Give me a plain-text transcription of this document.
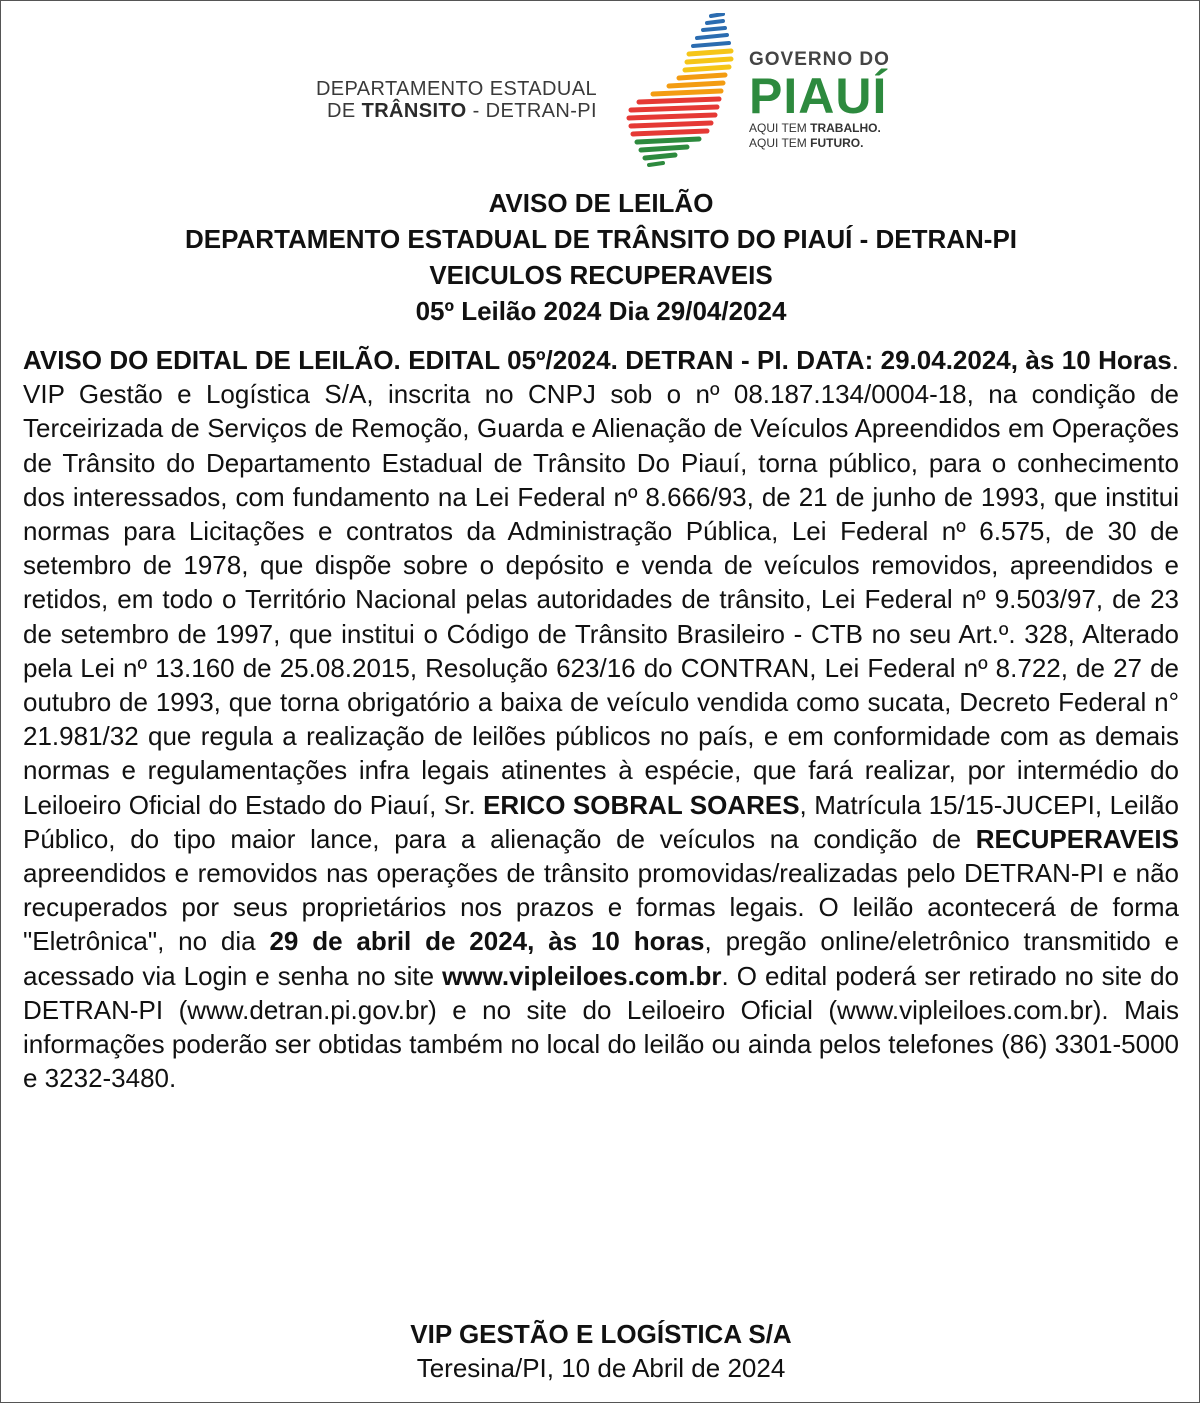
DEPARTAMENTO ESTADUAL
DE TRÂNSITO - DETRAN-PI
GOVERNO DO
PIAUÍ
AQUI TEM TRABALHO.
AQUI TEM FUTURO.
AVISO DE LEILÃO
DEPARTAMENTO ESTADUAL DE TRÂNSITO DO PIAUÍ - DETRAN-PI
VEICULOS RECUPERAVEIS
05º Leilão 2024 Dia 29/04/2024
AVISO DO EDITAL DE LEILÃO. EDITAL 05º/2024. DETRAN - PI. DATA: 29.04.2024, às 10 Horas. VIP Gestão e Logística S/A, inscrita no CNPJ sob o nº 08.187.134/0004-18, na condição de Terceirizada de Serviços de Remoção, Guarda e Alienação de Veículos Apreendidos em Operações de Trânsito do Departamento Estadual de Trânsito Do Piauí, torna público, para o conhecimento dos interessados, com fundamento na Lei Federal nº 8.666/93, de 21 de junho de 1993, que institui normas para Licitações e contratos da Administração Pública, Lei Federal nº 6.575, de 30 de setembro de 1978, que dispõe sobre o depósito e venda de veículos removidos, apreendidos e retidos, em todo o Território Nacional pelas autoridades de trânsito, Lei Federal nº 9.503/97, de 23 de setembro de 1997, que institui o Código de Trânsito Brasileiro - CTB no seu Art.º. 328, Alterado pela Lei nº 13.160 de 25.08.2015, Resolução 623/16 do CONTRAN, Lei Federal nº 8.722, de 27 de outubro de 1993, que torna obrigatório a baixa de veículo vendida como sucata, Decreto Federal n° 21.981/32 que regula a realização de leilões públicos no país, e em conformidade com as demais normas e regulamentações infra legais atinentes à espécie, que fará realizar, por intermédio do Leiloeiro Oficial do Estado do Piauí, Sr. ERICO SOBRAL SOARES, Matrícula 15/15-JUCEPI, Leilão Público, do tipo maior lance, para a alienação de veículos na condição de RECUPERAVEIS apreendidos e removidos nas operações de trânsito promovidas/realizadas pelo DETRAN-PI e não recuperados por seus proprietários nos prazos e formas legais. O leilão acontecerá de forma "Eletrônica", no dia 29 de abril de 2024, às 10 horas, pregão online/eletrônico transmitido e acessado via Login e senha no site www.vipleiloes.com.br. O edital poderá ser retirado no site do DETRAN-PI (www.detran.pi.gov.br) e no site do Leiloeiro Oficial (www.vipleiloes.com.br). Mais informações poderão ser obtidas também no local do leilão ou ainda pelos telefones (86) 3301-5000 e 3232-3480.
VIP GESTÃO E LOGÍSTICA S/A
Teresina/PI, 10 de Abril de 2024
